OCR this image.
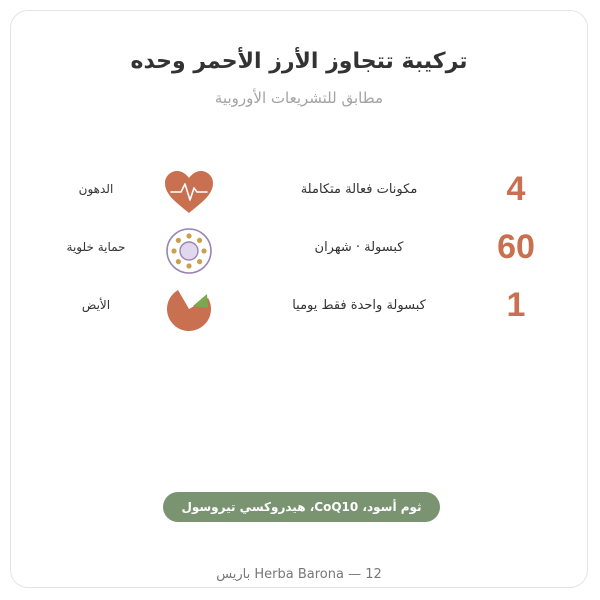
تركيبة تتجاوز الأرز الأحمر وحده
مطابق للتشريعات الأوروبية
4
مكونات فعالة متكاملة
الدهون
60
كبسولة · شهران
حماية خلوية
1
كبسولة واحدة فقط يوميا
الأيض
ثوم أسود، CoQ10، هيدروكسي تيروسول الزيتون
Herba Barona — 12 باريس
